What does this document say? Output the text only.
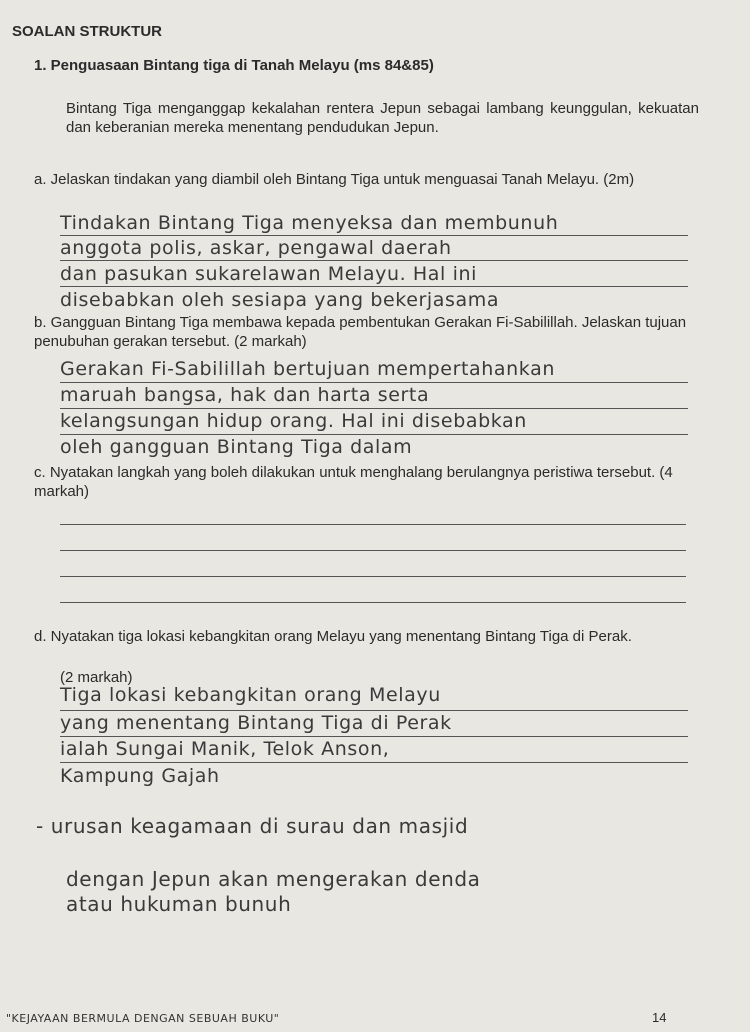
SOALAN STRUKTUR

1. Penguasaan Bintang tiga di Tanah Melayu (ms 84&85)

Bintang Tiga menganggap kekalahan rentera Jepun sebagai lambang keunggulan, kekuatan dan keberanian mereka menentang pendudukan Jepun.

a. Jelaskan tindakan yang diambil oleh Bintang Tiga untuk menguasai Tanah Melayu. (2m)

Tindakan Bintang Tiga menyeksa dan membunuh
anggota polis, askar, pengawal daerah
dan pasukan sukarelawan Melayu. Hal ini
disebabkan oleh sesiapa yang bekerjasama

b. Gangguan Bintang Tiga membawa kepada pembentukan Gerakan Fi-Sabilillah. Jelaskan tujuan penubuhan gerakan tersebut. (2 markah)

Gerakan Fi-Sabilillah bertujuan mempertahankan
maruah bangsa, hak dan harta serta
kelangsungan hidup orang. Hal ini disebabkan
oleh gangguan Bintang Tiga dalam

c. Nyatakan langkah yang boleh dilakukan untuk menghalang berulangnya peristiwa tersebut. (4 markah)

d. Nyatakan tiga lokasi kebangkitan orang Melayu yang menentang Bintang Tiga di Perak.

(2 markah)

Tiga lokasi kebangkitan orang Melayu
yang menentang Bintang Tiga di Perak
ialah Sungai Manik, Telok Anson,
Kampung Gajah
- urusan keagamaan di surau dan masjid
dengan Jepun akan mengerakan denda
atau hukuman bunuh
"KEJAYAAN BERMULA DENGAN SEBUAH BUKU"	14
